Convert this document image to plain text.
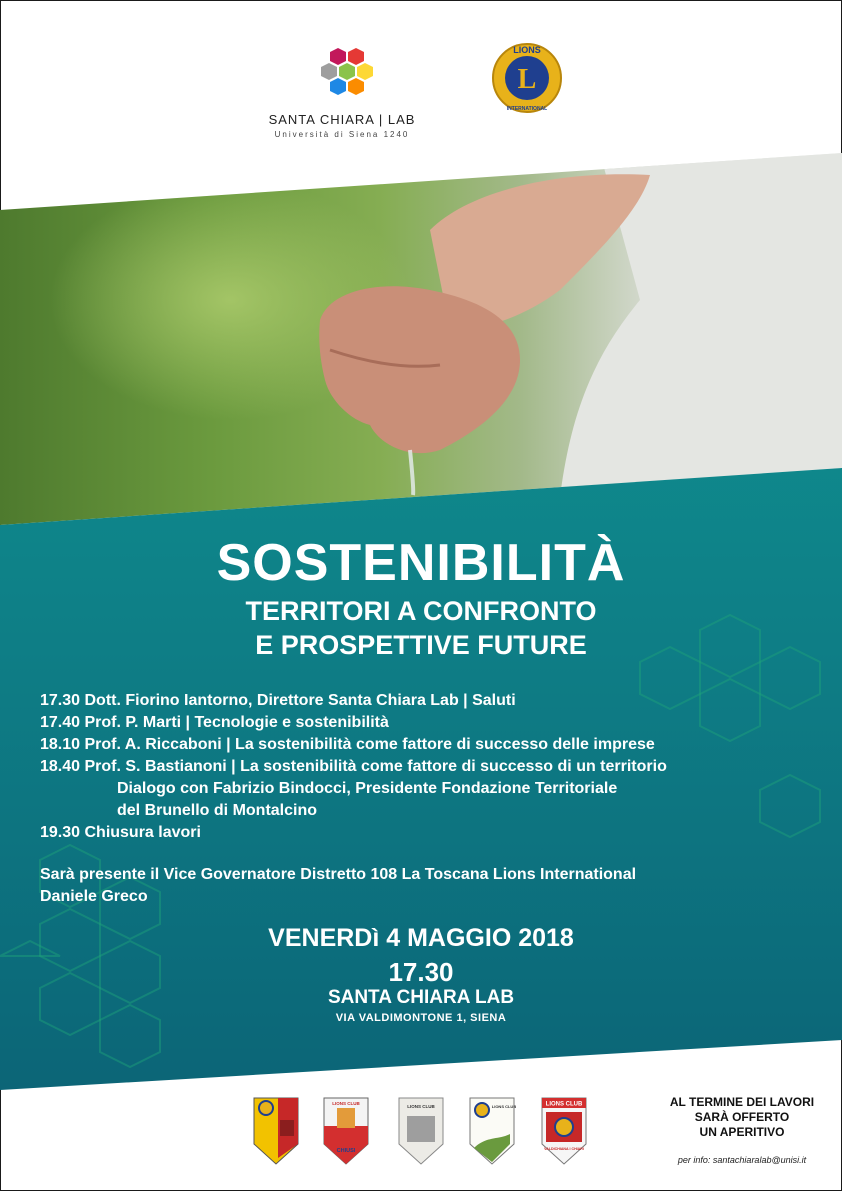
SANTA CHIARA | LAB
Università di Siena 1240
L
LIONS
INTERNATIONAL
SOSTENIBILITÀ
TERRITORI A CONFRONTO
E PROSPETTIVE FUTURE
17.30 Dott. Fiorino Iantorno, Direttore Santa Chiara Lab | Saluti
17.40 Prof. P. Marti | Tecnologie e sostenibilità
18.10 Prof. A. Riccaboni | La sostenibilità come fattore di successo delle imprese
18.40 Prof. S. Bastianoni | La sostenibilità come fattore di successo di un territorio
Dialogo con Fabrizio Bindocci, Presidente Fondazione Territoriale
del Brunello di Montalcino
19.30 Chiusura lavori
Sarà presente il Vice Governatore Distretto 108 La Toscana Lions International
Daniele Greco
VENERDì 4 MAGGIO 2018
17.30
SANTA CHIARA LAB
VIA VALDIMONTONE 1, SIENA
LIONS CLUB
CHIUSI
LIONS CLUB	LIONS CLUB	LIONS CLUB
VALDICHIANA I CHIARI
AL TERMINE DEI LAVORI
SARÀ OFFERTO
UN APERITIVO
per info: santachiaralab@unisi.it
